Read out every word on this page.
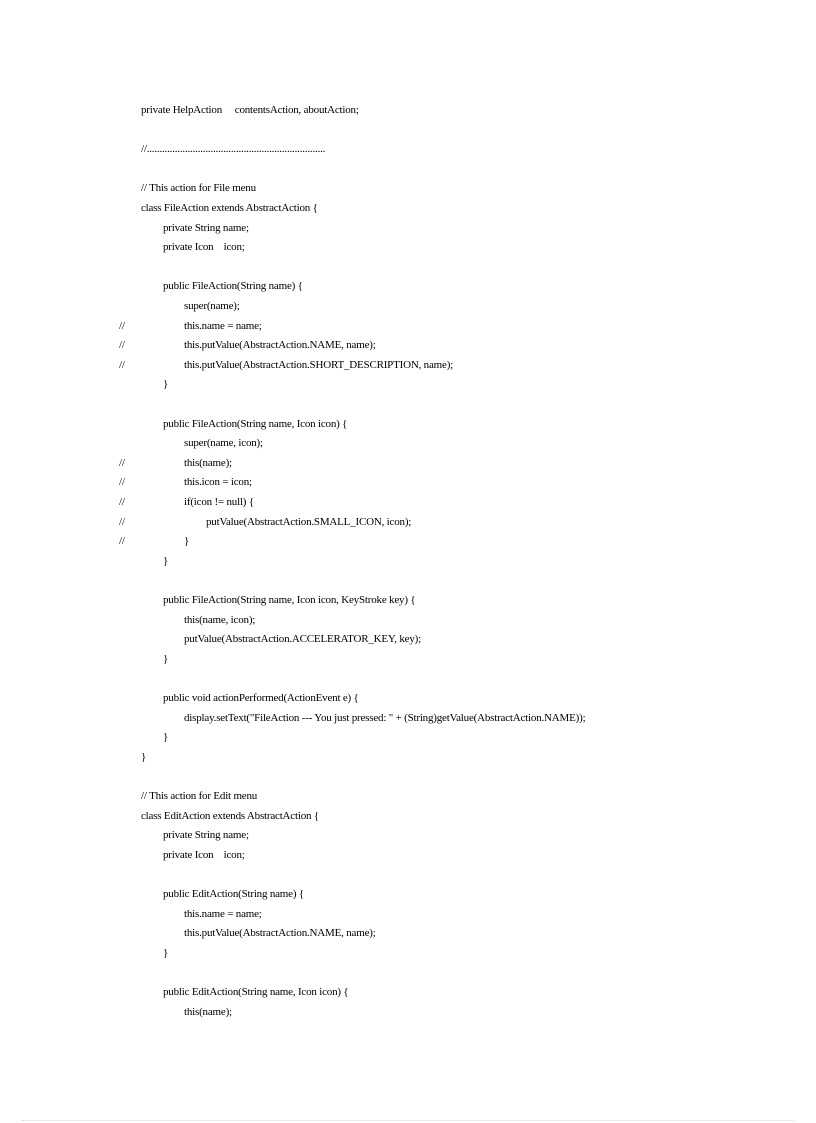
private HelpAction     contentsAction, aboutAction;
//......................................................................
// This action for File menu
class FileAction extends AbstractAction {
private String name;
private Icon    icon;
public FileAction(String name) {
super(name);
//	this.name = name;
//	this.putValue(AbstractAction.NAME, name);
//	this.putValue(AbstractAction.SHORT_DESCRIPTION, name);
}
public FileAction(String name, Icon icon) {
super(name, icon);
//	this(name);
//	this.icon = icon;
//	if(icon != null) {
//	putValue(AbstractAction.SMALL_ICON, icon);
//	}
}
public FileAction(String name, Icon icon, KeyStroke key) {
this(name, icon);
putValue(AbstractAction.ACCELERATOR_KEY, key);
}
public void actionPerformed(ActionEvent e) {
display.setText("FileAction --- You just pressed: " + (String)getValue(AbstractAction.NAME));
}
}
// This action for Edit menu
class EditAction extends AbstractAction {
private String name;
private Icon    icon;
public EditAction(String name) {
this.name = name;
this.putValue(AbstractAction.NAME, name);
}
public EditAction(String name, Icon icon) {
this(name);
